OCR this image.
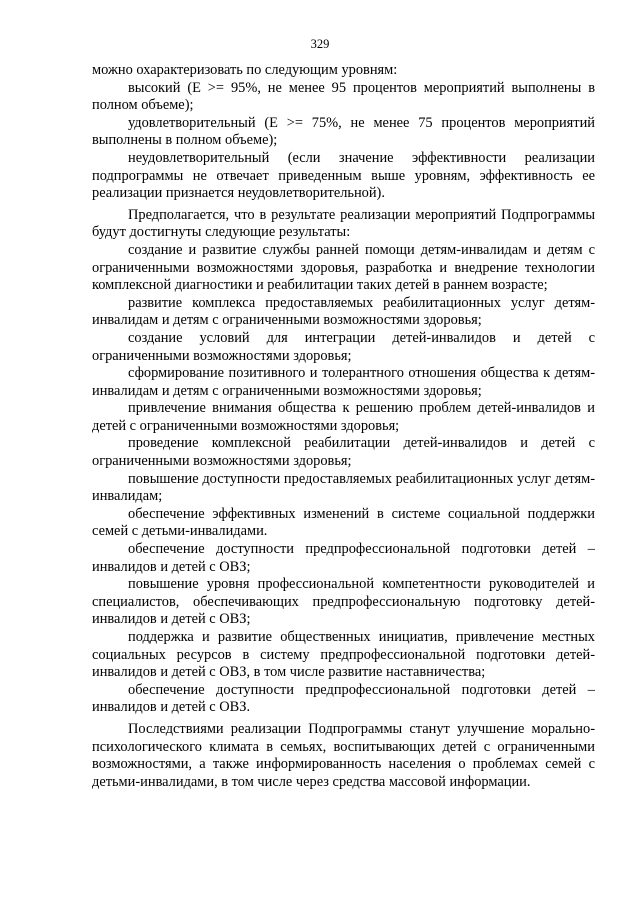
329

можно охарактеризовать по следующим уровням:

высокий (Е >= 95%, не менее 95 процентов мероприятий выполнены в полном объеме);

удовлетворительный (Е >= 75%, не менее 75 процентов мероприятий выполнены в полном объеме);

неудовлетворительный (если значение эффективности реализации подпрограммы не отвечает приведенным выше уровням, эффективность ее реализации признается неудовлетворительной).

Предполагается, что в результате реализации мероприятий Подпрограммы будут достигнуты следующие результаты:

создание и развитие службы ранней помощи детям-инвалидам и детям с ограниченными возможностями здоровья, разработка и внедрение технологии комплексной диагностики и реабилитации таких детей в раннем возрасте;

развитие комплекса предоставляемых реабилитационных услуг детям-инвалидам и детям с ограниченными возможностями здоровья;

создание условий для интеграции детей-инвалидов и детей с ограниченными возможностями здоровья;

сформирование позитивного и толерантного отношения общества к детям-инвалидам и детям с ограниченными возможностями здоровья;

привлечение внимания общества к решению проблем детей-инвалидов и детей с ограниченными возможностями здоровья;

проведение комплексной реабилитации детей-инвалидов и детей с ограниченными возможностями здоровья;

повышение доступности предоставляемых реабилитационных услуг детям-инвалидам;

обеспечение эффективных изменений в системе социальной поддержки семей с детьми-инвалидами.

обеспечение доступности предпрофессиональной подготовки детей – инвалидов и детей с ОВЗ;

повышение уровня профессиональной компетентности руководителей и специалистов, обеспечивающих предпрофессиональную подготовку детей-инвалидов и детей с ОВЗ;

поддержка и развитие общественных инициатив, привлечение местных социальных ресурсов в систему предпрофессиональной подготовки детей-инвалидов и детей с ОВЗ, в том числе развитие наставничества;

обеспечение доступности предпрофессиональной подготовки детей – инвалидов и детей с ОВЗ.

Последствиями реализации Подпрограммы станут улучшение морально-психологического климата в семьях, воспитывающих детей с ограниченными возможностями, а также информированность населения о проблемах семей с детьми-инвалидами, в том числе через средства массовой информации.
